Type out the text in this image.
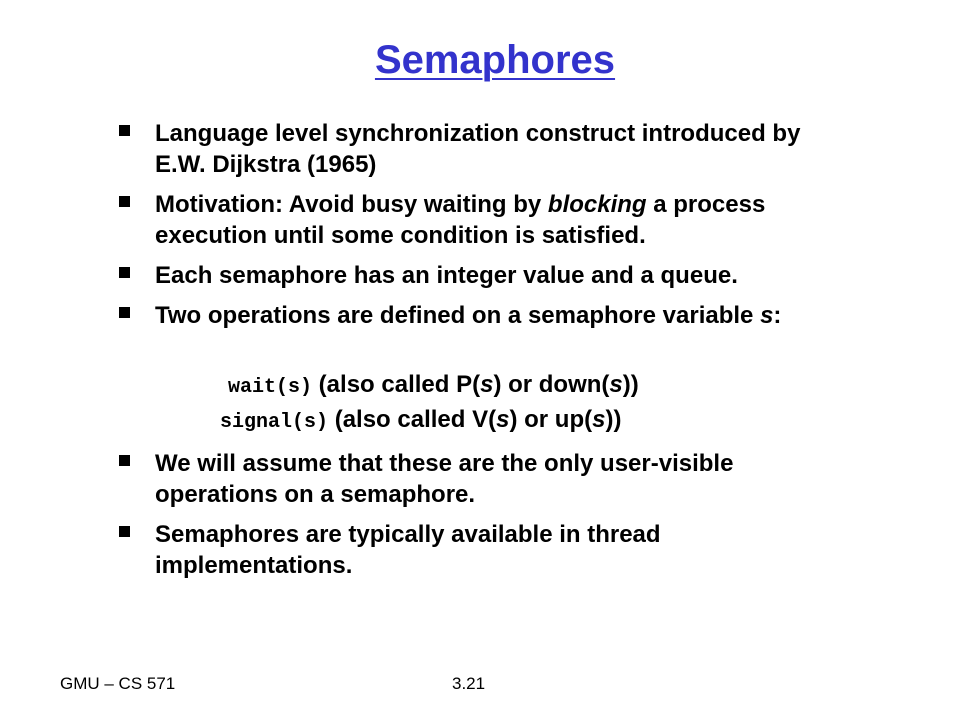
Semaphores
Language level synchronization construct introduced by E.W. Dijkstra (1965)
Motivation: Avoid busy waiting by blocking a process execution until some condition is satisfied.
Each semaphore has an integer value and a queue.
Two operations are defined on a semaphore variable s:
wait(s) (also called P(s) or down(s))
signal(s) (also called V(s) or up(s))
We will assume that these are the only user-visible operations on a semaphore.
Semaphores are typically available in thread implementations.
GMU – CS 571	3.21
